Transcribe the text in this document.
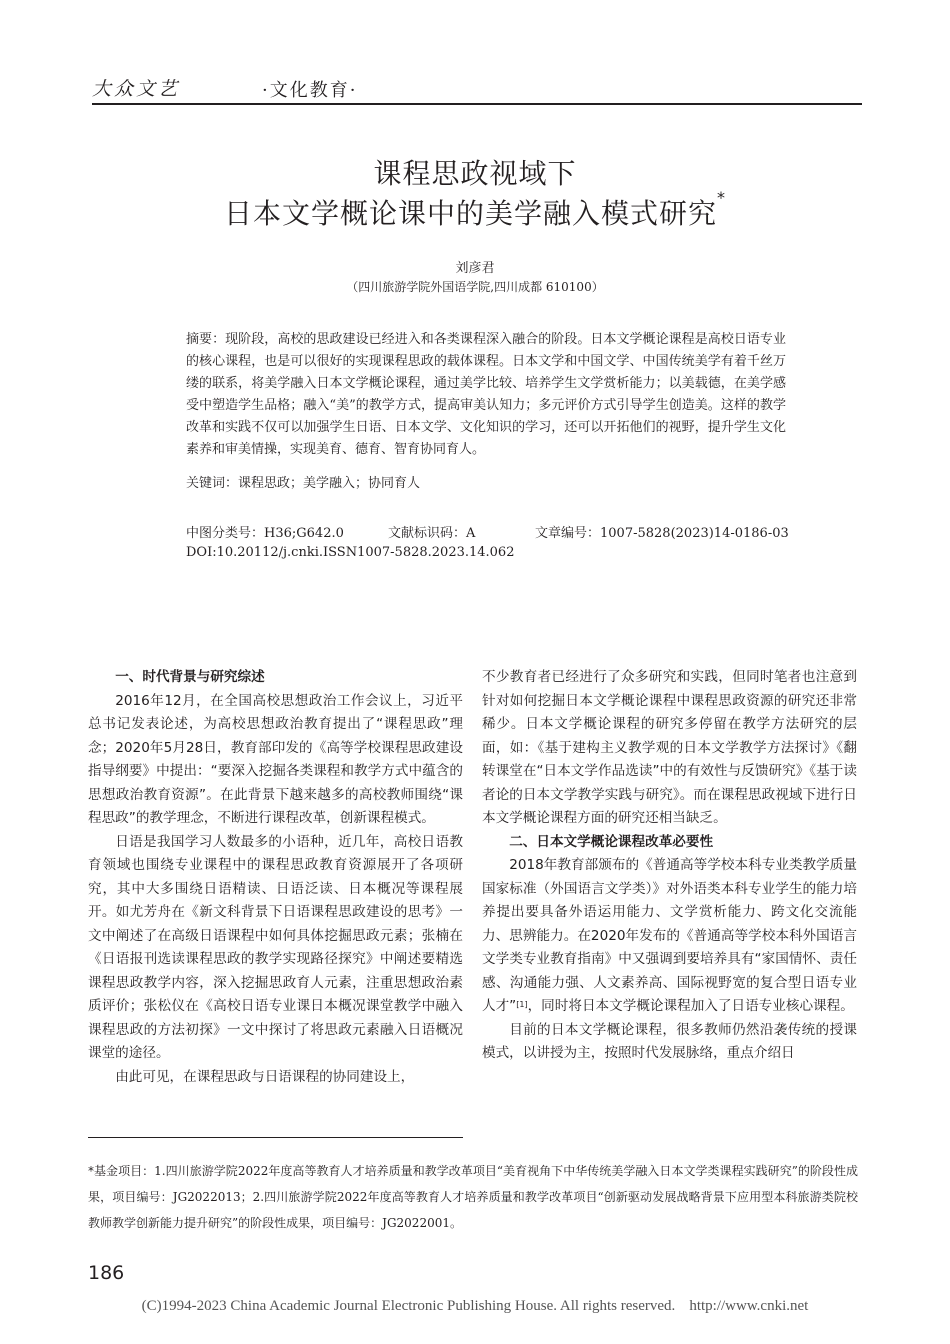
大众文艺	·文化教育·
课程思政视域下
日本文学概论课中的美学融入模式研究*
刘彦君
（四川旅游学院外国语学院,四川成都 610100）
摘要：现阶段，高校的思政建设已经进入和各类课程深入融合的阶段。日本文学概论课程是高校日语专业的核心课程，也是可以很好的实现课程思政的载体课程。日本文学和中国文学、中国传统美学有着千丝万缕的联系，将美学融入日本文学概论课程，通过美学比较、培养学生文学赏析能力；以美载德，在美学感受中塑造学生品格；融入“美”的教学方式，提高审美认知力；多元评价方式引导学生创造美。这样的教学改革和实践不仅可以加强学生日语、日本文学、文化知识的学习，还可以开拓他们的视野，提升学生文化素养和审美情操，实现美育、德育、智育协同育人。
关键词：课程思政；美学融入；协同育人
中图分类号：H36;G642.0	文献标识码：A	文章编号：1007-5828(2023)14-0186-03
DOI:10.20112/j.cnki.ISSN1007-5828.2023.14.062
一、时代背景与研究综述

2016年12月，在全国高校思想政治工作会议上，习近平总书记发表论述，为高校思想政治教育提出了“课程思政”理念；2020年5月28日，教育部印发的《高等学校课程思政建设指导纲要》中提出：“要深入挖掘各类课程和教学方式中蕴含的思想政治教育资源”。在此背景下越来越多的高校教师围绕“课程思政”的教学理念，不断进行课程改革，创新课程模式。

日语是我国学习人数最多的小语种，近几年，高校日语教育领域也围绕专业课程中的课程思政教育资源展开了各项研究，其中大多围绕日语精读、日语泛读、日本概况等课程展开。如尤芳舟在《新文科背景下日语课程思政建设的思考》一文中阐述了在高级日语课程中如何具体挖掘思政元素；张楠在《日语报刊选读课程思政的教学实现路径探究》中阐述要精选课程思政教学内容，深入挖掘思政育人元素，注重思想政治素质评价；张松仪在《高校日语专业课日本概况课堂教学中融入课程思政的方法初探》一文中探讨了将思政元素融入日语概况课堂的途径。

由此可见，在课程思政与日语课程的协同建设上，

不少教育者已经进行了众多研究和实践，但同时笔者也注意到针对如何挖掘日本文学概论课程中课程思政资源的研究还非常稀少。日本文学概论课程的研究多停留在教学方法研究的层面，如：《基于建构主义教学观的日本文学教学方法探讨》《翻转课堂在“日本文学作品选读”中的有效性与反馈研究》《基于读者论的日本文学教学实践与研究》。而在课程思政视域下进行日本文学概论课程方面的研究还相当缺乏。

二、日本文学概论课程改革必要性

2018年教育部颁布的《普通高等学校本科专业类教学质量国家标准（外国语言文学类）》对外语类本科专业学生的能力培养提出要具备外语运用能力、文学赏析能力、跨文化交流能力、思辨能力。在2020年发布的《普通高等学校本科外国语言文学类专业教育指南》中又强调到要培养具有“家国情怀、责任感、沟通能力强、人文素养高、国际视野宽的复合型日语专业人才”[1]，同时将日本文学概论课程加入了日语专业核心课程。

目前的日本文学概论课程，很多教师仍然沿袭传统的授课模式，以讲授为主，按照时代发展脉络，重点介绍日

*基金项目：1.四川旅游学院2022年度高等教育人才培养质量和教学改革项目“美育视角下中华传统美学融入日本文学类课程实践研究”的阶段性成果，项目编号：JG2022013；2.四川旅游学院2022年度高等教育人才培养质量和教学改革项目“创新驱动发展战略背景下应用型本科旅游类院校教师教学创新能力提升研究”的阶段性成果，项目编号：JG2022001。
186
(C)1994-2023 China Academic Journal Electronic Publishing House. All rights reserved. http://www.cnki.net
